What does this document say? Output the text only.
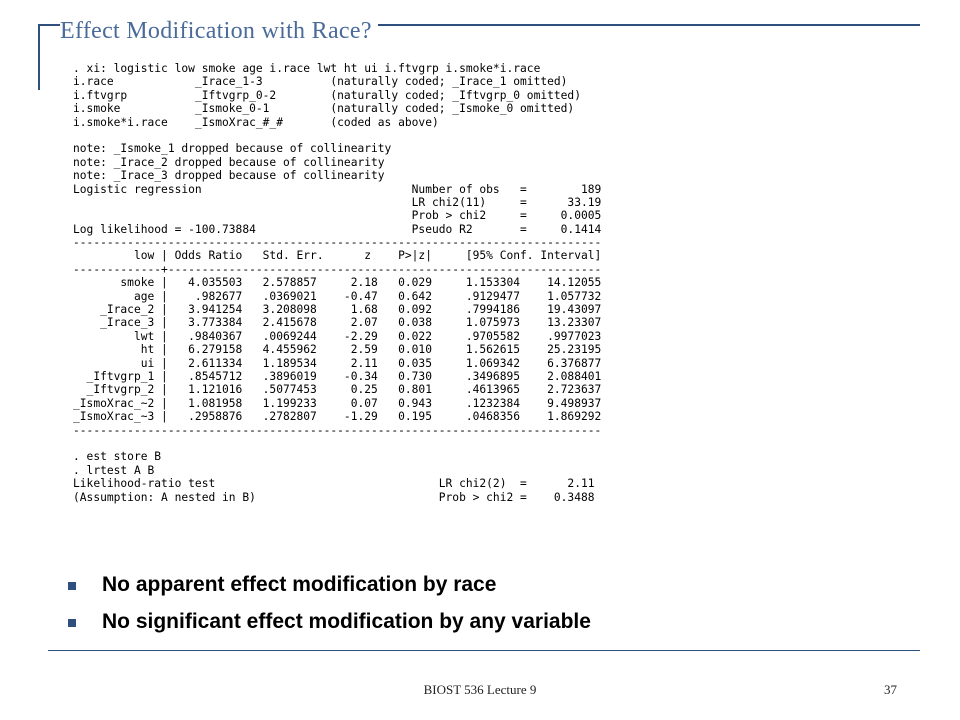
Effect Modification with Race?
. xi: logistic low smoke age i.race lwt ht ui i.ftvgrp i.smoke*i.race
i.race            _Irace_1-3          (naturally coded; _Irace_1 omitted)
i.ftvgrp          _Iftvgrp_0-2        (naturally coded; _Iftvgrp_0 omitted)
i.smoke           _Ismoke_0-1         (naturally coded; _Ismoke_0 omitted)
i.smoke*i.race    _IsmoXrac_#_#       (coded as above)
note: _Ismoke_1 dropped because of collinearity
note: _Irace_2 dropped because of collinearity
note: _Irace_3 dropped because of collinearity
Logistic regression                               Number of obs   =        189
LR chi2(11)     =      33.19
Prob > chi2     =     0.0005
Log likelihood = -100.73884                       Pseudo R2       =     0.1414
------------------------------------------------------------------------------
low | Odds Ratio   Std. Err.      z    P>|z|     [95% Conf. Interval]
-------------+----------------------------------------------------------------
smoke |   4.035503   2.578857     2.18   0.029     1.153304    14.12055
age |    .982677   .0369021    -0.47   0.642     .9129477    1.057732
_Irace_2 |   3.941254   3.208098     1.68   0.092     .7994186    19.43097
_Irace_3 |   3.773384   2.415678     2.07   0.038     1.075973    13.23307
lwt |   .9840367   .0069244    -2.29   0.022     .9705582    .9977023
ht |   6.279158   4.455962     2.59   0.010     1.562615    25.23195
ui |   2.611334   1.189534     2.11   0.035     1.069342    6.376877
_Iftvgrp_1 |   .8545712   .3896019    -0.34   0.730     .3496895    2.088401
_Iftvgrp_2 |   1.121016   .5077453     0.25   0.801     .4613965    2.723637
_IsmoXrac_~2 |   1.081958   1.199233     0.07   0.943     .1232384    9.498937
_IsmoXrac_~3 |   .2958876   .2782807    -1.29   0.195     .0468356    1.869292
------------------------------------------------------------------------------
. est store B
. lrtest A B
Likelihood-ratio test                                 LR chi2(2)  =      2.11
(Assumption: A nested in B)                           Prob > chi2 =    0.3488
No apparent effect modification by race
No significant effect modification by any variable
BIOST 536 Lecture 9	37
